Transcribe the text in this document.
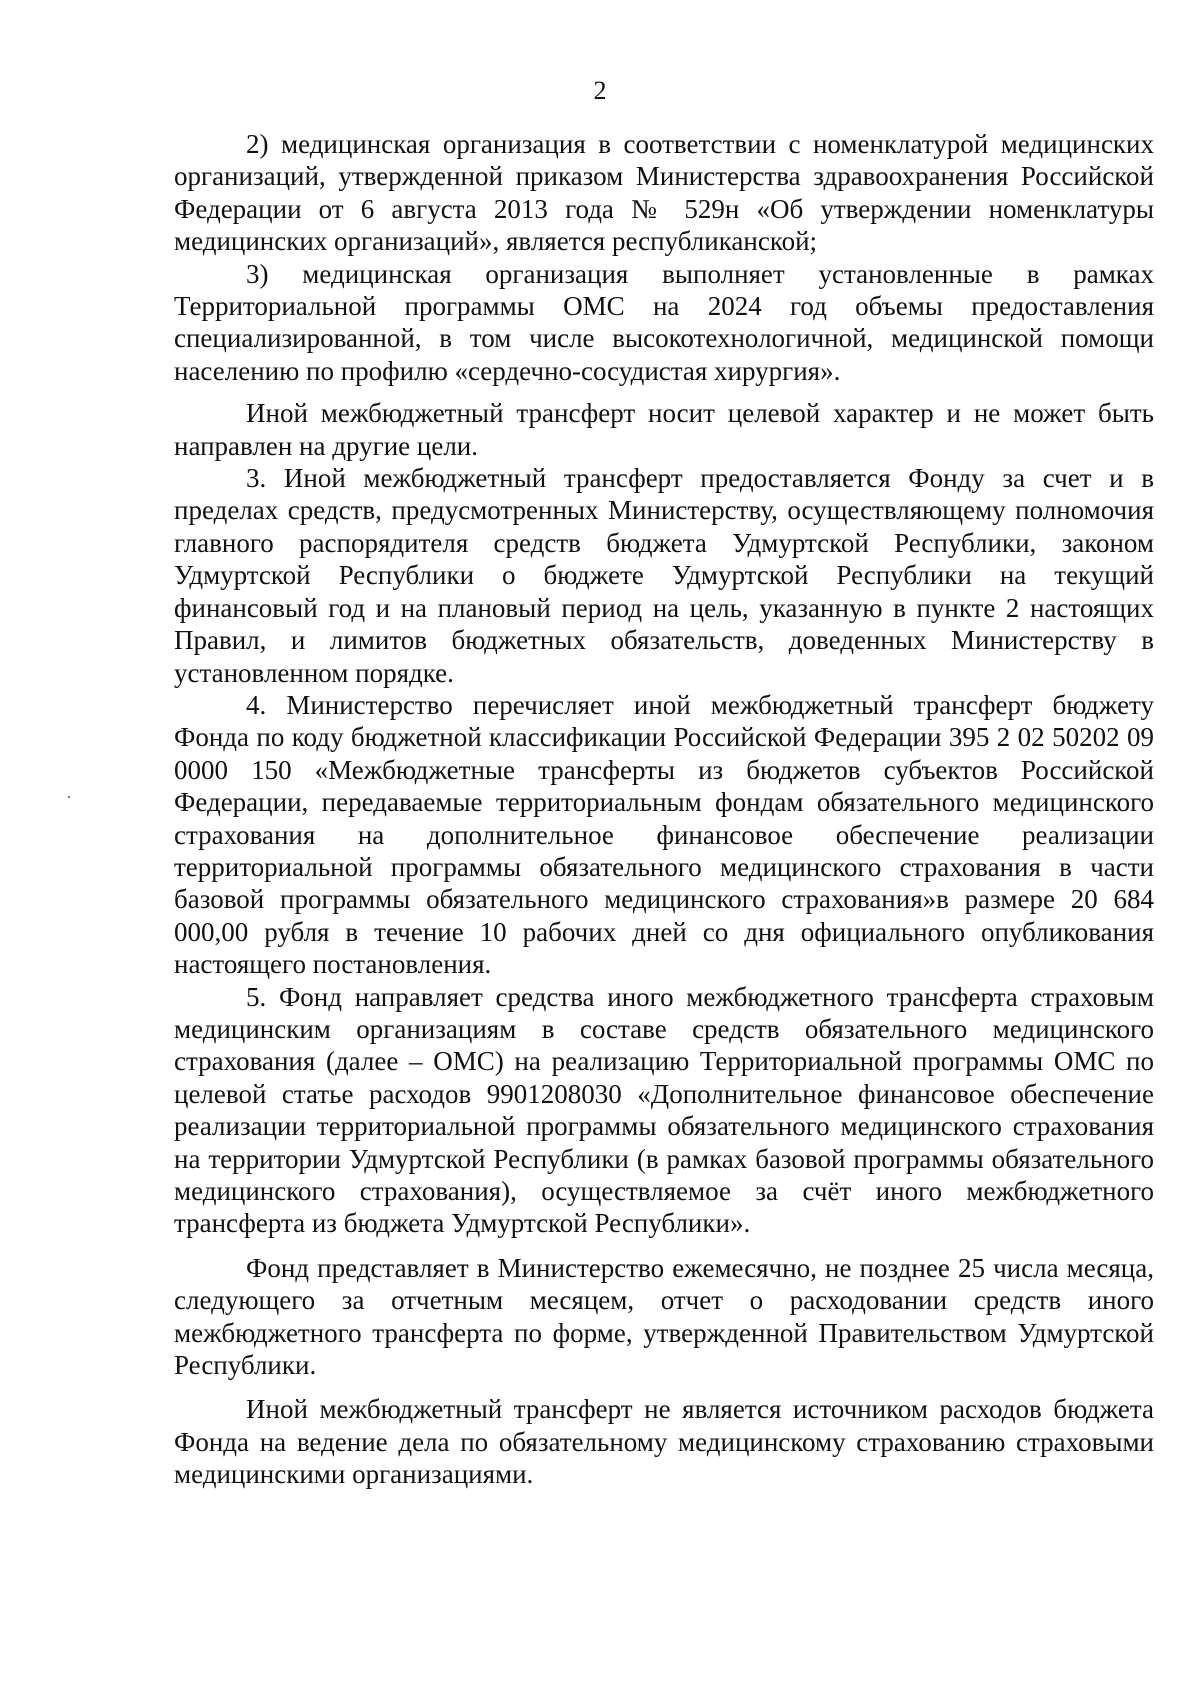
2

2) медицинская организация в соответствии с номенклатурой медицинских организаций, утвержденной приказом Министерства здравоохранения Российской Федерации от 6 августа 2013 года № 529н «Об утверждении номенклатуры медицинских организаций», является республиканской;

3) медицинская организация выполняет установленные в рамках Территориальной программы ОМС на 2024 год объемы предоставления специализированной, в том числе высокотехнологичной, медицинской помощи населению по профилю «сердечно-сосудистая хирургия».

Иной межбюджетный трансферт носит целевой характер и не может быть направлен на другие цели.

3. Иной межбюджетный трансферт предоставляется Фонду за счет и в пределах средств, предусмотренных Министерству, осуществляющему полномочия главного распорядителя средств бюджета Удмуртской Республики, законом Удмуртской Республики о бюджете Удмуртской Республики на текущий финансовый год и на плановый период на цель, указанную в пункте 2 настоящих Правил, и лимитов бюджетных обязательств, доведенных Министерству в установленном порядке.

4. Министерство перечисляет иной межбюджетный трансферт бюджету Фонда по коду бюджетной классификации Российской Федерации 395 2 02 50202 09 0000 150 «Межбюджетные трансферты из бюджетов субъектов Российской Федерации, передаваемые территориальным фондам обязательного медицинского страхования на дополнительное финансовое обеспечение реализации территориальной программы обязательного медицинского страхования в части базовой программы обязательного медицинского страхования»в размере 20 684 000,00 рубля в течение 10 рабочих дней со дня официального опубликования настоящего постановления.

5. Фонд направляет средства иного межбюджетного трансферта страховым медицинским организациям в составе средств обязательного медицинского страхования (далее – ОМС) на реализацию Территориальной программы ОМС по целевой статье расходов 9901208030 «Дополнительное финансовое обеспечение реализации территориальной программы обязательного медицинского страхования на территории Удмуртской Республики (в рамках базовой программы обязательного медицинского страхования), осуществляемое за счёт иного межбюджетного трансферта из бюджета Удмуртской Республики».

Фонд представляет в Министерство ежемесячно, не позднее 25 числа месяца, следующего за отчетным месяцем, отчет о расходовании средств иного межбюджетного трансферта по форме, утвержденной Правительством Удмуртской Республики.

Иной межбюджетный трансферт не является источником расходов бюджета Фонда на ведение дела по обязательному медицинскому страхованию страховыми медицинскими организациями.
